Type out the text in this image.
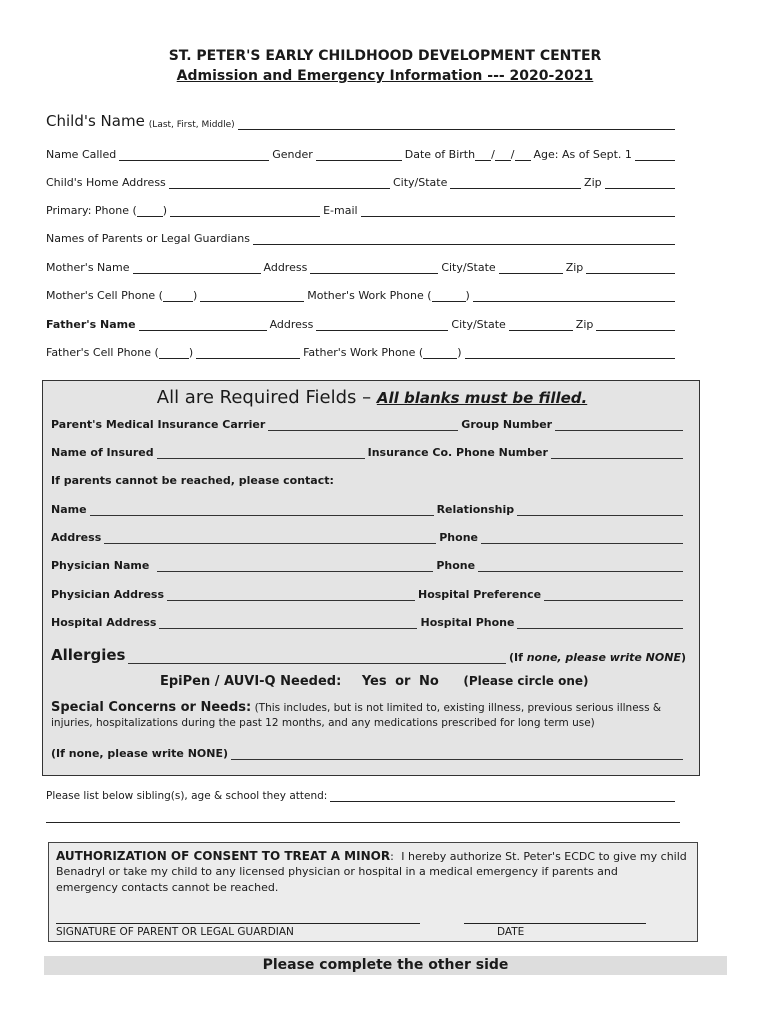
ST. PETER'S EARLY CHILDHOOD DEVELOPMENT CENTER
Admission and Emergency Information --- 2020-2021
Child's Name (Last, First, Middle)
Name Called	Gender	Date of Birth / / Age: As of Sept. 1
Child's Home Address	City/State	Zip
Primary: Phone ( )	E-mail
Names of Parents or Legal Guardians
Mother's Name	Address	City/State	Zip
Mother's Cell Phone (	)	Mother's Work Phone (	)
Father's Name	Address	City/State	Zip
Father's Cell Phone (	)	Father's Work Phone (	)
All are Required Fields – All blanks must be filled.
Parent's Medical Insurance Carrier	Group Number
Name of Insured	Insurance Co. Phone Number
If parents cannot be reached, please contact:
Name	Relationship
Address	Phone
Physician Name	Phone
Physician Address	Hospital Preference
Hospital Address	Hospital Phone
Allergies	(If none, please write NONE)
EpiPen / AUVI-Q Needed: Yes or No (Please circle one)
Special Concerns or Needs: (This includes, but is not limited to, existing illness, previous serious illness &
injuries, hospitalizations during the past 12 months, and any medications prescribed for long term use)
(If none, please write NONE)
Please list below sibling(s), age & school they attend:
AUTHORIZATION OF CONSENT TO TREAT A MINOR: I hereby authorize St. Peter's ECDC to give my child
Benadryl or take my child to any licensed physician or hospital in a medical emergency if parents and
emergency contacts cannot be reached.
SIGNATURE OF PARENT OR LEGAL GUARDIAN	DATE
Please complete the other side
